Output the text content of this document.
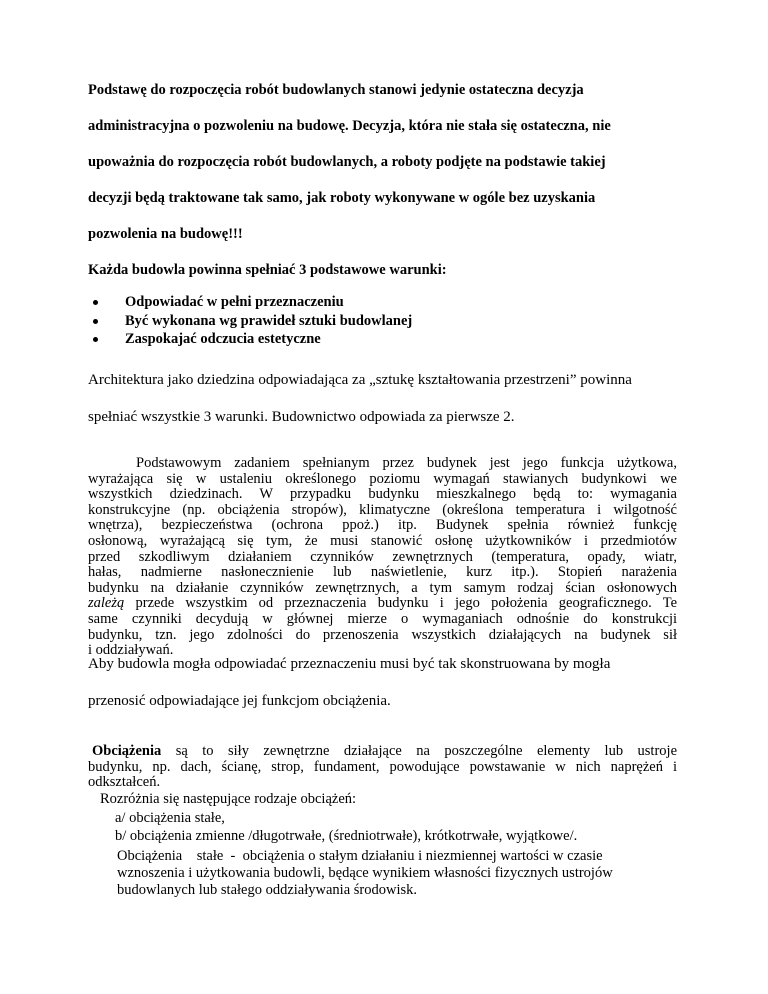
Podstawę do rozpoczęcia robót budowlanych stanowi jedynie ostateczna decyzja
administracyjna o pozwoleniu na budowę. Decyzja, która nie stała się ostateczna, nie
upoważnia do rozpoczęcia robót budowlanych, a roboty podjęte na podstawie takiej
decyzji będą traktowane tak samo, jak roboty wykonywane w ogóle bez uzyskania
pozwolenia na budowę!!!
Każda budowla powinna spełniać 3 podstawowe warunki:
Odpowiadać w pełni przeznaczeniu
Być wykonana wg prawideł sztuki budowlanej
Zaspokajać odczucia estetyczne
Architektura jako dziedzina odpowiadająca za „sztukę kształtowania przestrzeni” powinna
spełniać wszystkie 3 warunki. Budownictwo odpowiada za pierwsze 2.
Podstawowym zadaniem spełnianym przez budynek jest jego funkcja użytkowa,
wyrażająca się w ustaleniu określonego poziomu wymagań stawianych budynkowi we
wszystkich dziedzinach. W przypadku budynku mieszkalnego będą to: wymagania
konstrukcyjne (np. obciążenia stropów), klimatyczne (określona temperatura i wilgotność
wnętrza), bezpieczeństwa (ochrona ppoż.) itp. Budynek spełnia również funkcję
osłonową, wyrażającą się tym, że musi stanowić osłonę użytkowników i przedmiotów
przed szkodliwym działaniem czynników zewnętrznych (temperatura, opady, wiatr,
hałas, nadmierne nasłonecznienie lub naświetlenie, kurz itp.). Stopień narażenia
budynku na działanie czynników zewnętrznych, a tym samym rodzaj ścian osłonowych
zależą przede wszystkim od przeznaczenia budynku i jego położenia geograficznego. Te
same czynniki decydują w głównej mierze o wymaganiach odnośnie do konstrukcji
budynku, tzn. jego zdolności do przenoszenia wszystkich działających na budynek sił
i oddziaływań.
Aby budowla mogła odpowiadać przeznaczeniu musi być tak skonstruowana by mogła
przenosić odpowiadające jej funkcjom obciążenia.
Obciążenia są to siły zewnętrzne działające na poszczególne elementy lub ustroje
budynku, np. dach, ścianę, strop, fundament, powodujące powstawanie w nich naprężeń i
odkształceń.
Rozróżnia się następujące rodzaje obciążeń:
a/ obciążenia stałe,
b/ obciążenia zmienne /długotrwałe, (średniotrwałe), krótkotrwałe, wyjątkowe/.
Obciążenia    stałe  -  obciążenia o stałym działaniu i niezmiennej wartości w czasie
wznoszenia i użytkowania budowli, będące wynikiem własności fizycznych ustrojów
budowlanych lub stałego oddziaływania środowisk.
